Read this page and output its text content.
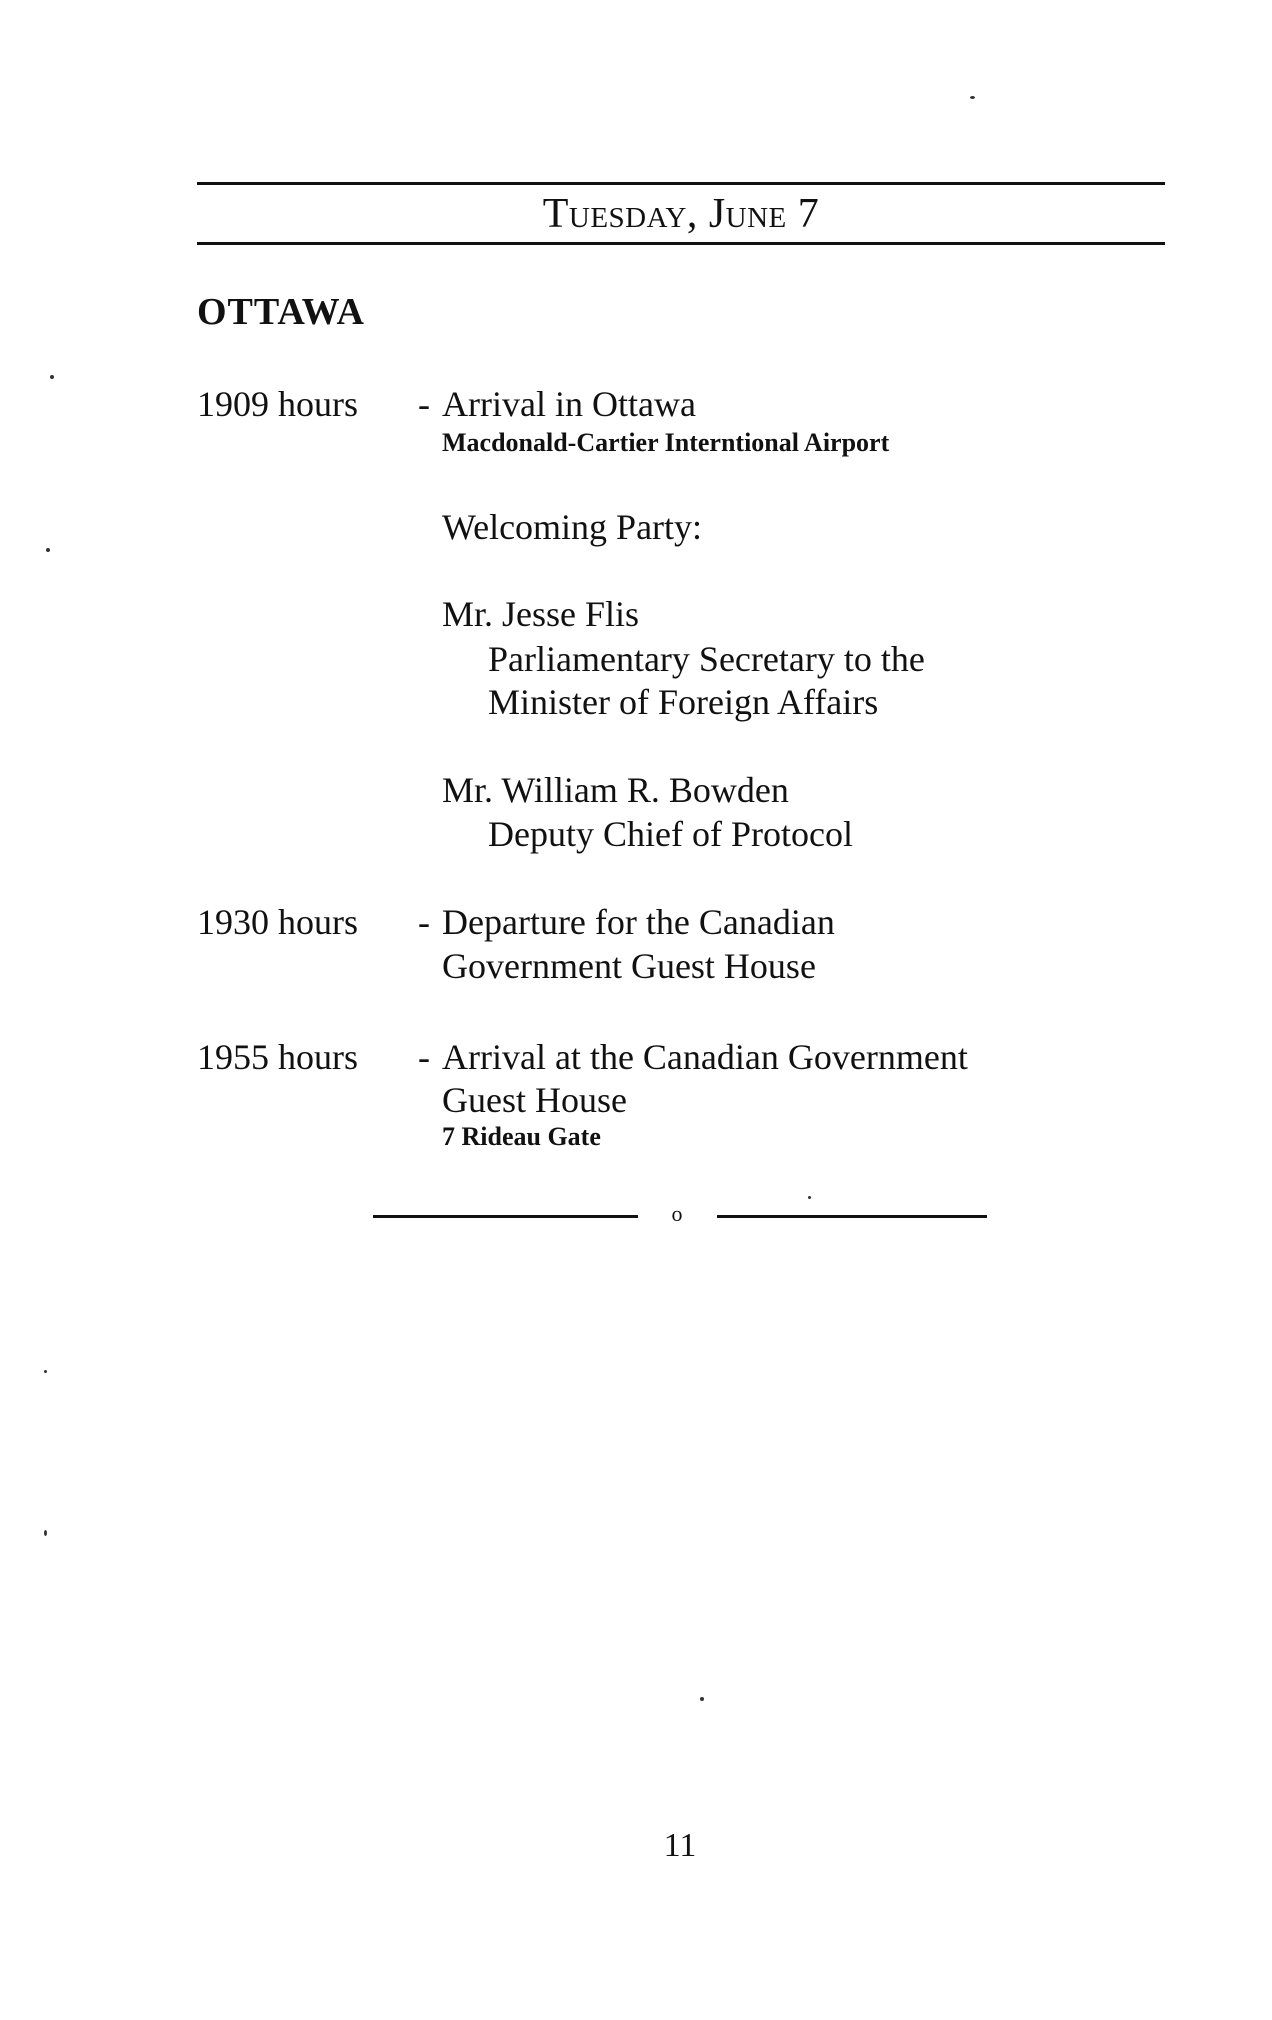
Tuesday, June 7
OTTAWA
1909 hours - Arrival in Ottawa
Macdonald-Cartier Interntional Airport
Welcoming Party:
Mr. Jesse Flis
Parliamentary Secretary to the
Minister of Foreign Affairs
Mr. William R. Bowden
Deputy Chief of Protocol
1930 hours - Departure for the Canadian
Government Guest House
1955 hours - Arrival at the Canadian Government
Guest House
7 Rideau Gate
o
11
